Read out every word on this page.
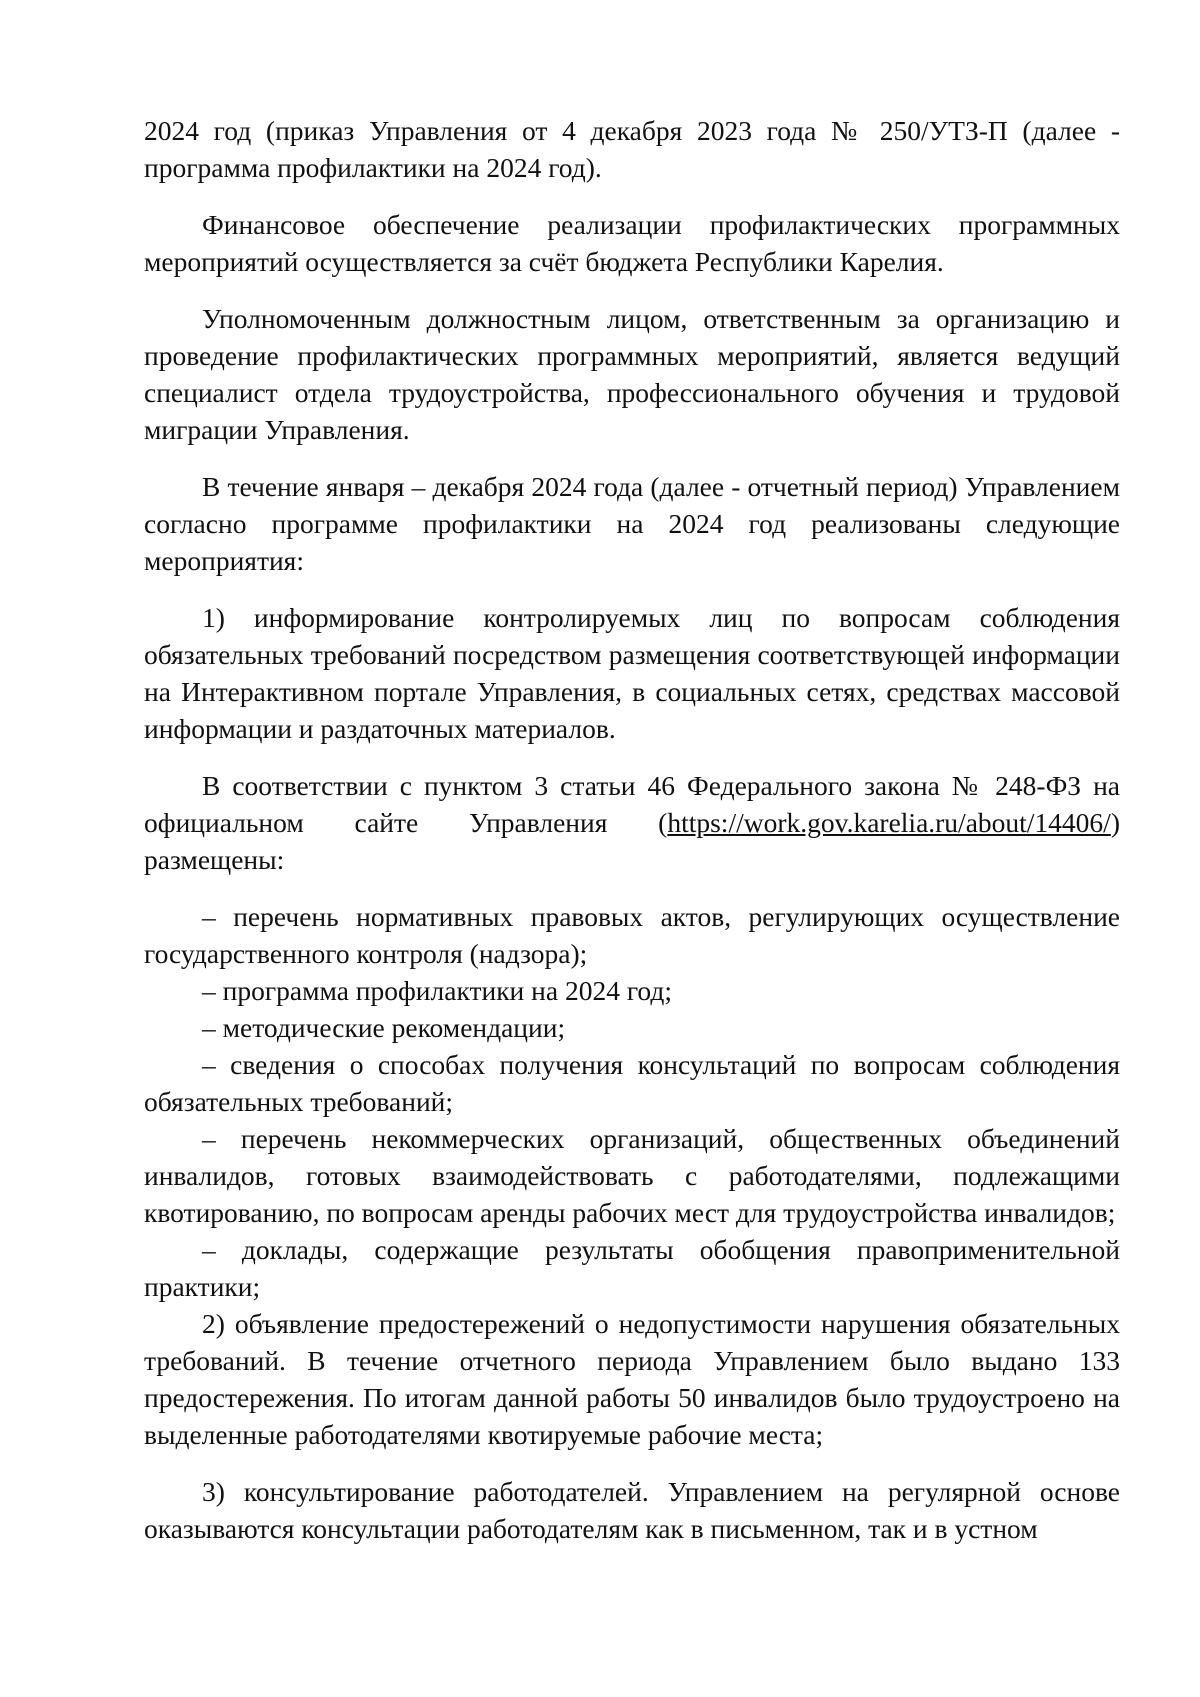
2024 год (приказ Управления от 4 декабря 2023 года № 250/УТЗ-П (далее - программа профилактики на 2024 год).

Финансовое обеспечение реализации профилактических программных мероприятий осуществляется за счёт бюджета Республики Карелия.

Уполномоченным должностным лицом, ответственным за организацию и проведение профилактических программных мероприятий, является ведущий специалист отдела трудоустройства, профессионального обучения и трудовой миграции Управления.

В течение января – декабря 2024 года (далее - отчетный период) Управлением согласно программе профилактики на 2024 год реализованы следующие мероприятия:

1) информирование контролируемых лиц по вопросам соблюдения обязательных требований посредством размещения соответствующей информации на Интерактивном портале Управления, в социальных сетях, средствах массовой информации и раздаточных материалов.

В соответствии с пунктом 3 статьи 46 Федерального закона № 248-ФЗ на официальном сайте Управления (https://work.gov.karelia.ru/about/14406/) размещены:

– перечень нормативных правовых актов, регулирующих осуществление государственного контроля (надзора);

– программа профилактики на 2024 год;

– методические рекомендации;

– сведения о способах получения консультаций по вопросам соблюдения обязательных требований;

– перечень некоммерческих организаций, общественных объединений инвалидов, готовых взаимодействовать с работодателями, подлежащими квотированию, по вопросам аренды рабочих мест для трудоустройства инвалидов;

– доклады, содержащие результаты обобщения правоприменительной практики;

2) объявление предостережений о недопустимости нарушения обязательных требований. В течение отчетного периода Управлением было выдано 133 предостережения. По итогам данной работы 50 инвалидов было трудоустроено на выделенные работодателями квотируемые рабочие места;

3) консультирование работодателей. Управлением на регулярной основе оказываются консультации работодателям как в письменном, так и в устном
